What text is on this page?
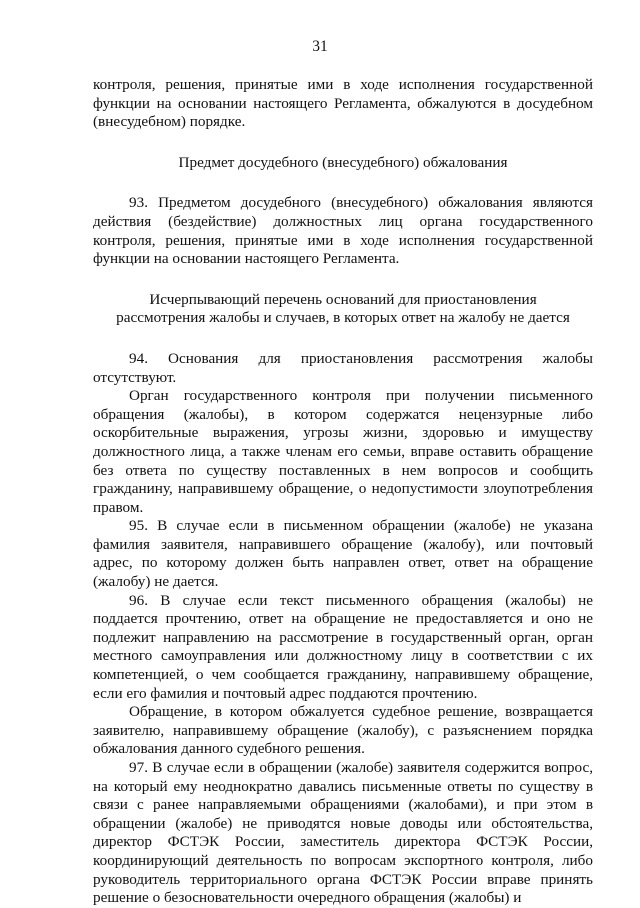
31

контроля, решения, принятые ими в ходе исполнения государственной функции на основании настоящего Регламента, обжалуются в досудебном (внесудебном) порядке.

Предмет досудебного (внесудебного) обжалования

93. Предметом досудебного (внесудебного) обжалования являются действия (бездействие) должностных лиц органа государственного контроля, решения, принятые ими в ходе исполнения государственной функции на основании настоящего Регламента.

Исчерпывающий перечень оснований для приостановления

рассмотрения жалобы и случаев, в которых ответ на жалобу не дается

94. Основания для приостановления рассмотрения жалобы отсутствуют.

Орган государственного контроля при получении письменного обращения (жалобы), в котором содержатся нецензурные либо оскорбительные выражения, угрозы жизни, здоровью и имуществу должностного лица, а также членам его семьи, вправе оставить обращение без ответа по существу поставленных в нем вопросов и сообщить гражданину, направившему обращение, о недопустимости злоупотребления правом.

95. В случае если в письменном обращении (жалобе) не указана фамилия заявителя, направившего обращение (жалобу), или почтовый адрес, по которому должен быть направлен ответ, ответ на обращение (жалобу) не дается.

96. В случае если текст письменного обращения (жалобы) не поддается прочтению, ответ на обращение не предоставляется и оно не подлежит направлению на рассмотрение в государственный орган, орган местного самоуправления или должностному лицу в соответствии с их компетенцией, о чем сообщается гражданину, направившему обращение, если его фамилия и почтовый адрес поддаются прочтению.

Обращение, в котором обжалуется судебное решение, возвращается заявителю, направившему обращение (жалобу), с разъяснением порядка обжалования данного судебного решения.

97. В случае если в обращении (жалобе) заявителя содержится вопрос, на который ему неоднократно давались письменные ответы по существу в связи с ранее направляемыми обращениями (жалобами), и при этом в обращении (жалобе) не приводятся новые доводы или обстоятельства, директор ФСТЭК России, заместитель директора ФСТЭК России, координирующий деятельность по вопросам экспортного контроля, либо руководитель территориального органа ФСТЭК России вправе принять решение о безосновательности очередного обращения (жалобы) и
